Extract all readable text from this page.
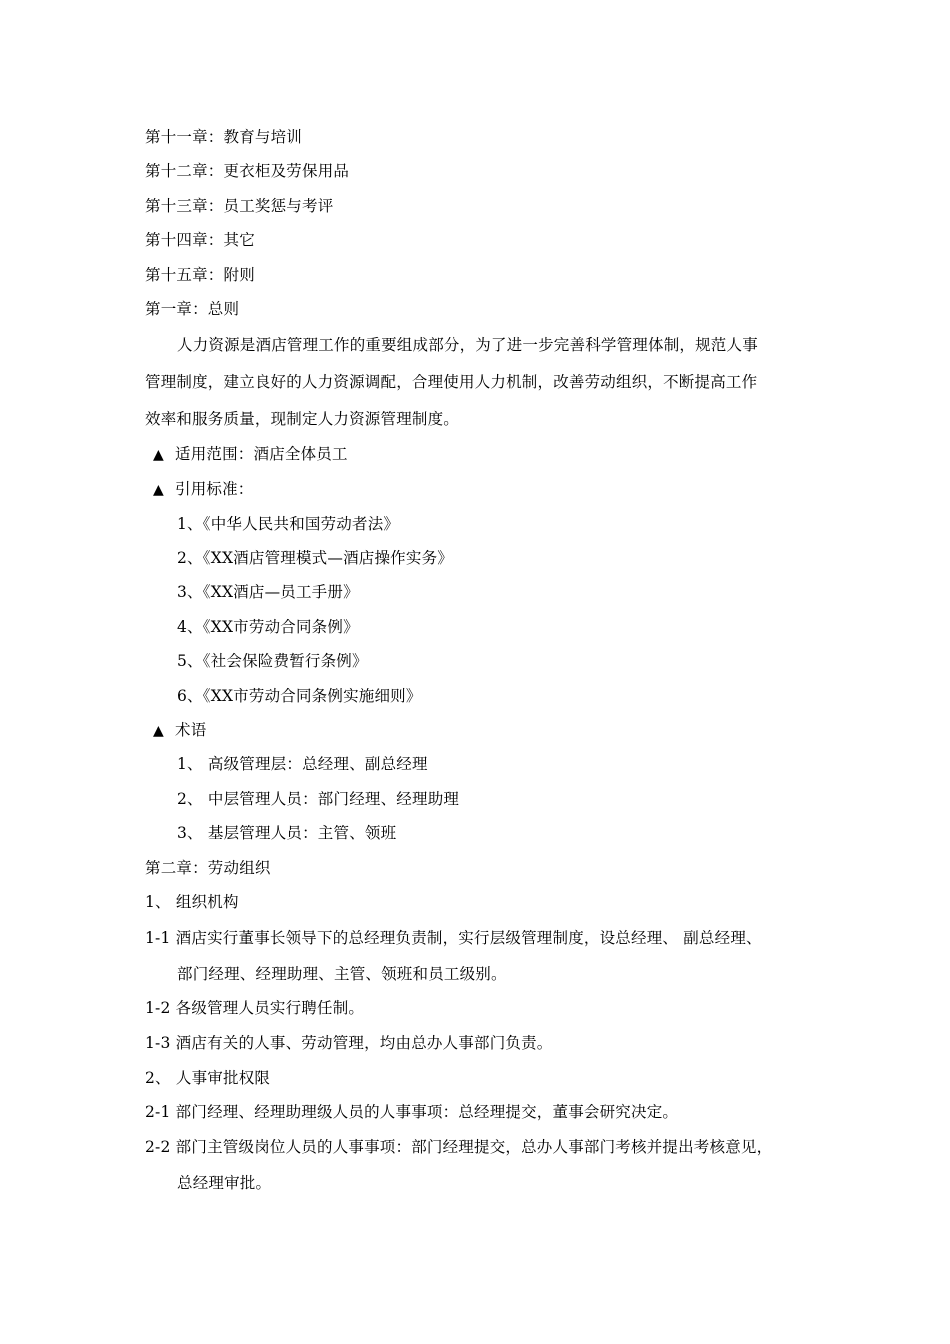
第十一章：教育与培训
第十二章：更衣柜及劳保用品
第十三章：员工奖惩与考评
第十四章：其它
第十五章：附则
第一章：总则
人力资源是酒店管理工作的重要组成部分，为了进一步完善科学管理体制，规范人事
管理制度，建立良好的人力资源调配，合理使用人力机制，改善劳动组织，不断提高工作
效率和服务质量，现制定人力资源管理制度。
▲ 适用范围：酒店全体员工
▲ 引用标准：
1、《中华人民共和国劳动者法》
2、《XX酒店管理模式—酒店操作实务》
3、《XX酒店—员工手册》
4、《XX市劳动合同条例》
5、《社会保险费暂行条例》
6、《XX市劳动合同条例实施细则》
▲ 术语
1、 高级管理层：总经理、副总经理
2、 中层管理人员：部门经理、经理助理
3、 基层管理人员：主管、领班
第二章：劳动组织
1、 组织机构
1-1 酒店实行董事长领导下的总经理负责制，实行层级管理制度，设总经理、 副总经理、
部门经理、经理助理、主管、领班和员工级别。
1-2 各级管理人员实行聘任制。
1-3 酒店有关的人事、劳动管理，均由总办人事部门负责。
2、 人事审批权限
2-1 部门经理、经理助理级人员的人事事项：总经理提交，董事会研究决定。
2-2 部门主管级岗位人员的人事事项：部门经理提交，总办人事部门考核并提出考核意见，
总经理审批。
